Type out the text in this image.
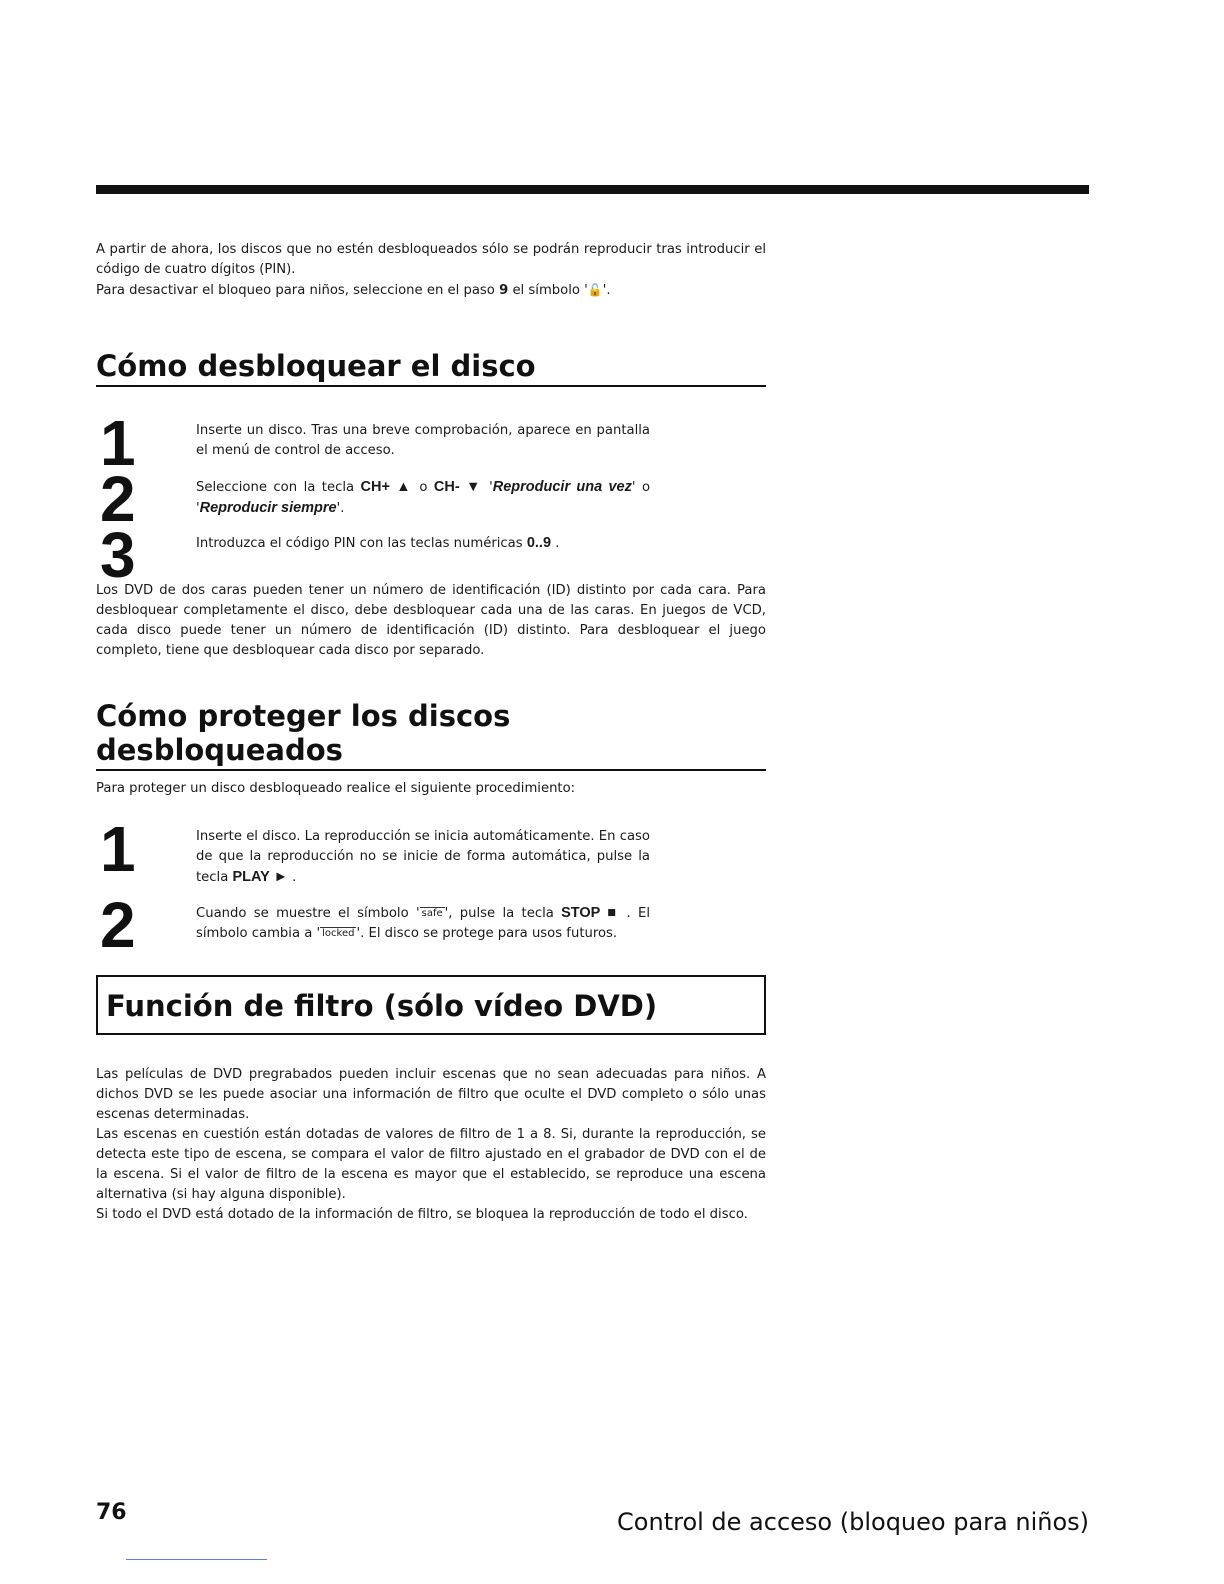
A partir de ahora, los discos que no estén desbloqueados sólo se podrán reproducir tras introducir el código de cuatro dígitos (PIN).

Para desactivar el bloqueo para niños, seleccione en el paso 9 el símbolo '🔓'.

Cómo desbloquear el disco
1	Inserte un disco. Tras una breve comprobación, aparece en pantalla el menú de control de acceso.

2	Seleccione con la tecla CH+ ▲ o CH- ▼ 'Reproducir una vez' o 'Reproducir siempre'.

3	Introduzca el código PIN con las teclas numéricas 0..9 .

Los DVD de dos caras pueden tener un número de identificación (ID) distinto por cada cara. Para desbloquear completamente el disco, debe desbloquear cada una de las caras. En juegos de VCD, cada disco puede tener un número de identificación (ID) distinto. Para desbloquear el juego completo, tiene que desbloquear cada disco por separado.

Cómo proteger los discos desbloqueados

Para proteger un disco desbloqueado realice el siguiente procedimiento:

1	Inserte el disco. La reproducción se inicia automáticamente. En caso de que la reproducción no se inicie de forma automática, pulse la tecla PLAY ► .

2	Cuando se muestre el símbolo ' safe ', pulse la tecla STOP ■ . El símbolo cambia a ' locked '. El disco se protege para usos futuros.

Función de filtro (sólo vídeo DVD)

Las películas de DVD pregrabados pueden incluir escenas que no sean adecuadas para niños. A dichos DVD se les puede asociar una información de filtro que oculte el DVD completo o sólo unas escenas determinadas.

Las escenas en cuestión están dotadas de valores de filtro de 1 a 8. Si, durante la reproducción, se detecta este tipo de escena, se compara el valor de filtro ajustado en el grabador de DVD con el de la escena. Si el valor de filtro de la escena es mayor que el establecido, se reproduce una escena alternativa (si hay alguna disponible).

Si todo el DVD está dotado de la información de filtro, se bloquea la reproducción de todo el disco.

76	Control de acceso (bloqueo para niños)
